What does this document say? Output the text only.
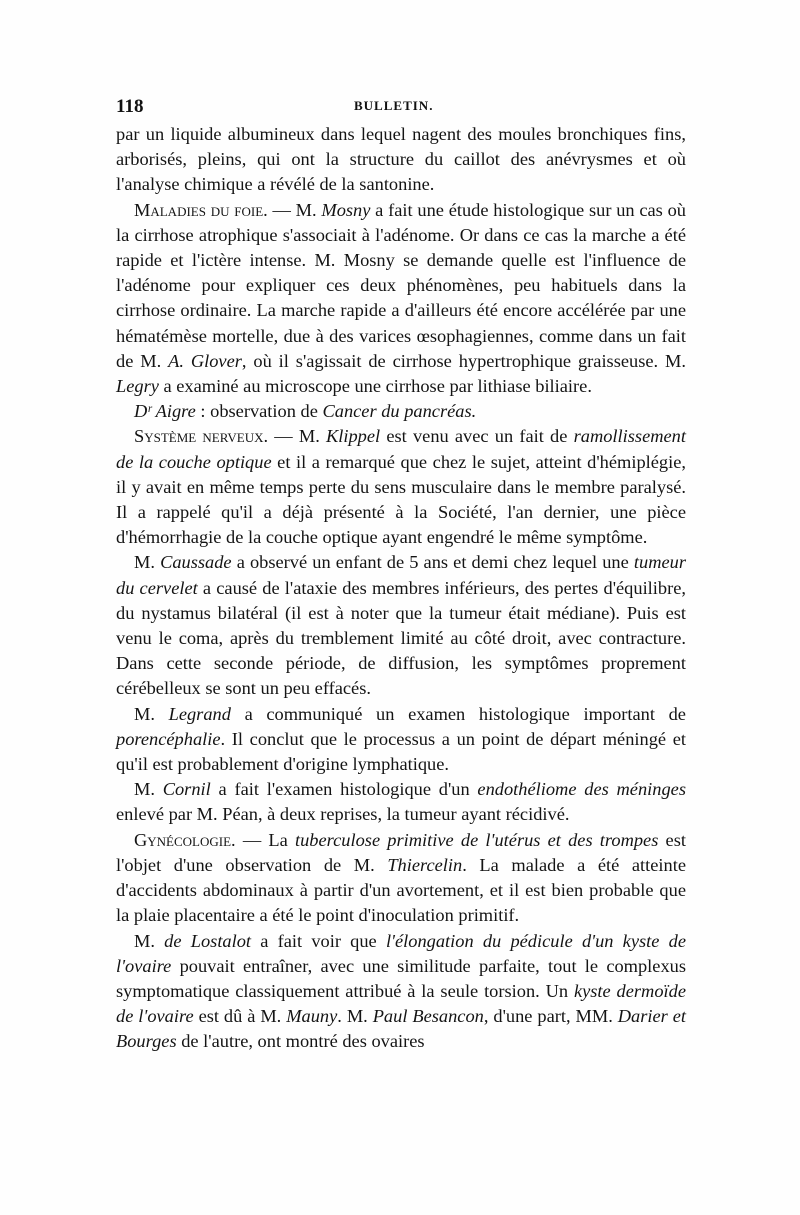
118	BULLETIN.

par un liquide albumineux dans lequel nagent des moules bronchiques fins, arborisés, pleins, qui ont la structure du caillot des anévrysmes et où l'analyse chimique a révélé de la santonine.

Maladies du foie. — M. Mosny a fait une étude histologique sur un cas où la cirrhose atrophique s'associait à l'adénome. Or dans ce cas la marche a été rapide et l'ictère intense. M. Mosny se demande quelle est l'influence de l'adénome pour expliquer ces deux phénomènes, peu habituels dans la cirrhose ordinaire. La marche rapide a d'ailleurs été encore accélérée par une hématémèse mortelle, due à des varices œsophagiennes, comme dans un fait de M. A. Glover, où il s'agissait de cirrhose hypertrophique graisseuse. M. Legry a examiné au microscope une cirrhose par lithiase biliaire.

Dʳ Aigre : observation de Cancer du pancréas.

Système nerveux. — M. Klippel est venu avec un fait de ramollissement de la couche optique et il a remarqué que chez le sujet, atteint d'hémiplégie, il y avait en même temps perte du sens musculaire dans le membre paralysé. Il a rappelé qu'il a déjà présenté à la Société, l'an dernier, une pièce d'hémorrhagie de la couche optique ayant engendré le même symptôme.

M. Caussade a observé un enfant de 5 ans et demi chez lequel une tumeur du cervelet a causé de l'ataxie des membres inférieurs, des pertes d'équilibre, du nystamus bilatéral (il est à noter que la tumeur était médiane). Puis est venu le coma, après du tremblement limité au côté droit, avec contracture. Dans cette seconde période, de diffusion, les symptômes proprement cérébelleux se sont un peu effacés.

M. Legrand a communiqué un examen histologique important de porencéphalie. Il conclut que le processus a un point de départ méningé et qu'il est probablement d'origine lymphatique.

M. Cornil a fait l'examen histologique d'un endothéliome des méninges enlevé par M. Péan, à deux reprises, la tumeur ayant récidivé.

Gynécologie. — La tuberculose primitive de l'utérus et des trompes est l'objet d'une observation de M. Thiercelin. La malade a été atteinte d'accidents abdominaux à partir d'un avortement, et il est bien probable que la plaie placentaire a été le point d'inoculation primitif.

M. de Lostalot a fait voir que l'élongation du pédicule d'un kyste de l'ovaire pouvait entraîner, avec une similitude parfaite, tout le complexus symptomatique classiquement attribué à la seule torsion. Un kyste dermoïde de l'ovaire est dû à M. Mauny. M. Paul Besancon, d'une part, MM. Darier et Bourges de l'autre, ont montré des ovaires
